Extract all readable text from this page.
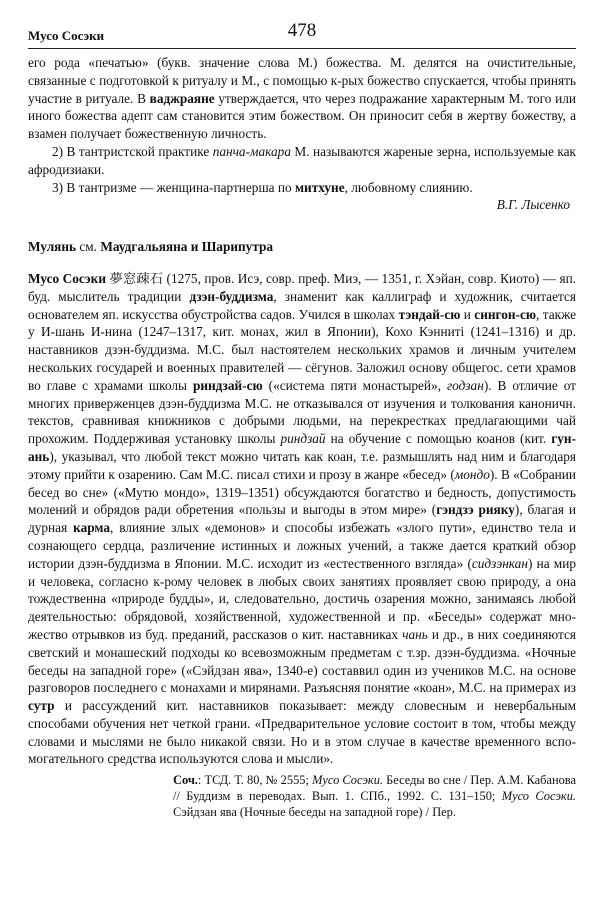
Мусо Сосэки	478

его рода «печатью» (букв. значение слова М.) божества. М. делятся на очистительные, связанные с подготовкой к ритуалу и М., с помощью к-рых божество спускается, чтобы принять участие в ритуале. В ваджраяне утверждается, что через подражание характерным М. того или иного божества адепт сам становится этим божеством. Он приносит себя в жертву божеству, а взамен получает божественную личность.

2) В тантристской практике панча-макара М. называются жареные зерна, используемые как афродизиаки.

3) В тантризме — женщина-партнерша по митхуне, любовному слиянию.

В.Г. Лысенко

Мулянь см. Маудгальяяна и Шарипутра

Мусо Сосэки 夢窓疎石 (1275, пров. Исэ, совр. преф. Миэ, — 1351, г. Хэйан, совр. Киото) — яп. буд. мыслитель традиции дзэн-буддизма, знаменит как каллиграф и художник, считается основателем яп. искусства обустройства садов. Учился в школах тэндай-сю и сингон-сю, также у И-шань И-нина (1247–1317, кит. монах, жил в Японии), Кохо Кэнниті (1241–1316) и др. наставников дзэн-буддизма. М.С. был настоятелем нескольких храмов и личным учителем нескольких государей и военных правителей — сёгунов. Заложил основу общегос. сети храмов во главе с храмами школы риндзай-сю («система пяти монастырей», годзан). В отличие от многих приверженцев дзэн-буддизма М.С. не отказывался от изучения и толкования каноничн. текстов, сравнивая книжников с добрыми людьми, на перекрестках предлагающими чай прохожим. Поддерживая установку школы риндзай на обучение с помощью коанов (кит. гун-ань), указывал, что любой текст можно читать как коан, т.е. размышлять над ним и благодаря этому прийти к озарению. Сам М.С. писал стихи и прозу в жанре «бесед» (мондо). В «Собрании бесед во сне» («Мутю мондо», 1319–1351) обсуждаются богатство и бедность, допустимость молений и обрядов ради обретения «пользы и выгоды в этом мире» (гэндзэ рияку), благая и дурная карма, влияние злых «демонов» и способы избежать «злого пути», единство тела и сознающего сердца, различение истинных и ложных учений, а также дается краткий обзор истории дзэн-буддизма в Японии. М.С. исходит из «естественного взгляда» (сидзэнкан) на мир и человека, согласно к-рому человек в любых своих занятиях проявляет свою природу, а она тождественна «природе будды», и, следовательно, достичь озарения можно, занимаясь любой деятельностью: обрядовой, хозяйственной, художественной и пр. «Беседы» содержат множество отрывков из буд. преданий, рассказов о кит. наставниках чань и др., в них соединяются светский и монашеский подходы ко всевозможным предметам с т.зр. дзэн-буддизма. «Ночные беседы на западной горе» («Сэйдзан ява», 1340-е) составвил один из учеников М.С. на основе разговоров последнего с монахами и мирянами. Разъясняя понятие «коан», М.С. на примерах из сутр и рассуждений кит. наставников показывает: между словесным и невербальным способами обучения нет четкой грани. «Предварительное условие состоит в том, чтобы между словами и мыслями не было никакой связи. Но и в этом случае в качестве временного вспомогательного средства используются слова и мысли».

Соч.: ТСД. Т. 80, № 2555; Мусо Сосэки. Беседы во сне / Пер. А.М. Кабанова // Буддизм в переводах. Вып. 1. СПб., 1992. С. 131–150; Мусо Сосэки. Сэйдзан ява (Ночные беседы на западной горе) / Пер.
